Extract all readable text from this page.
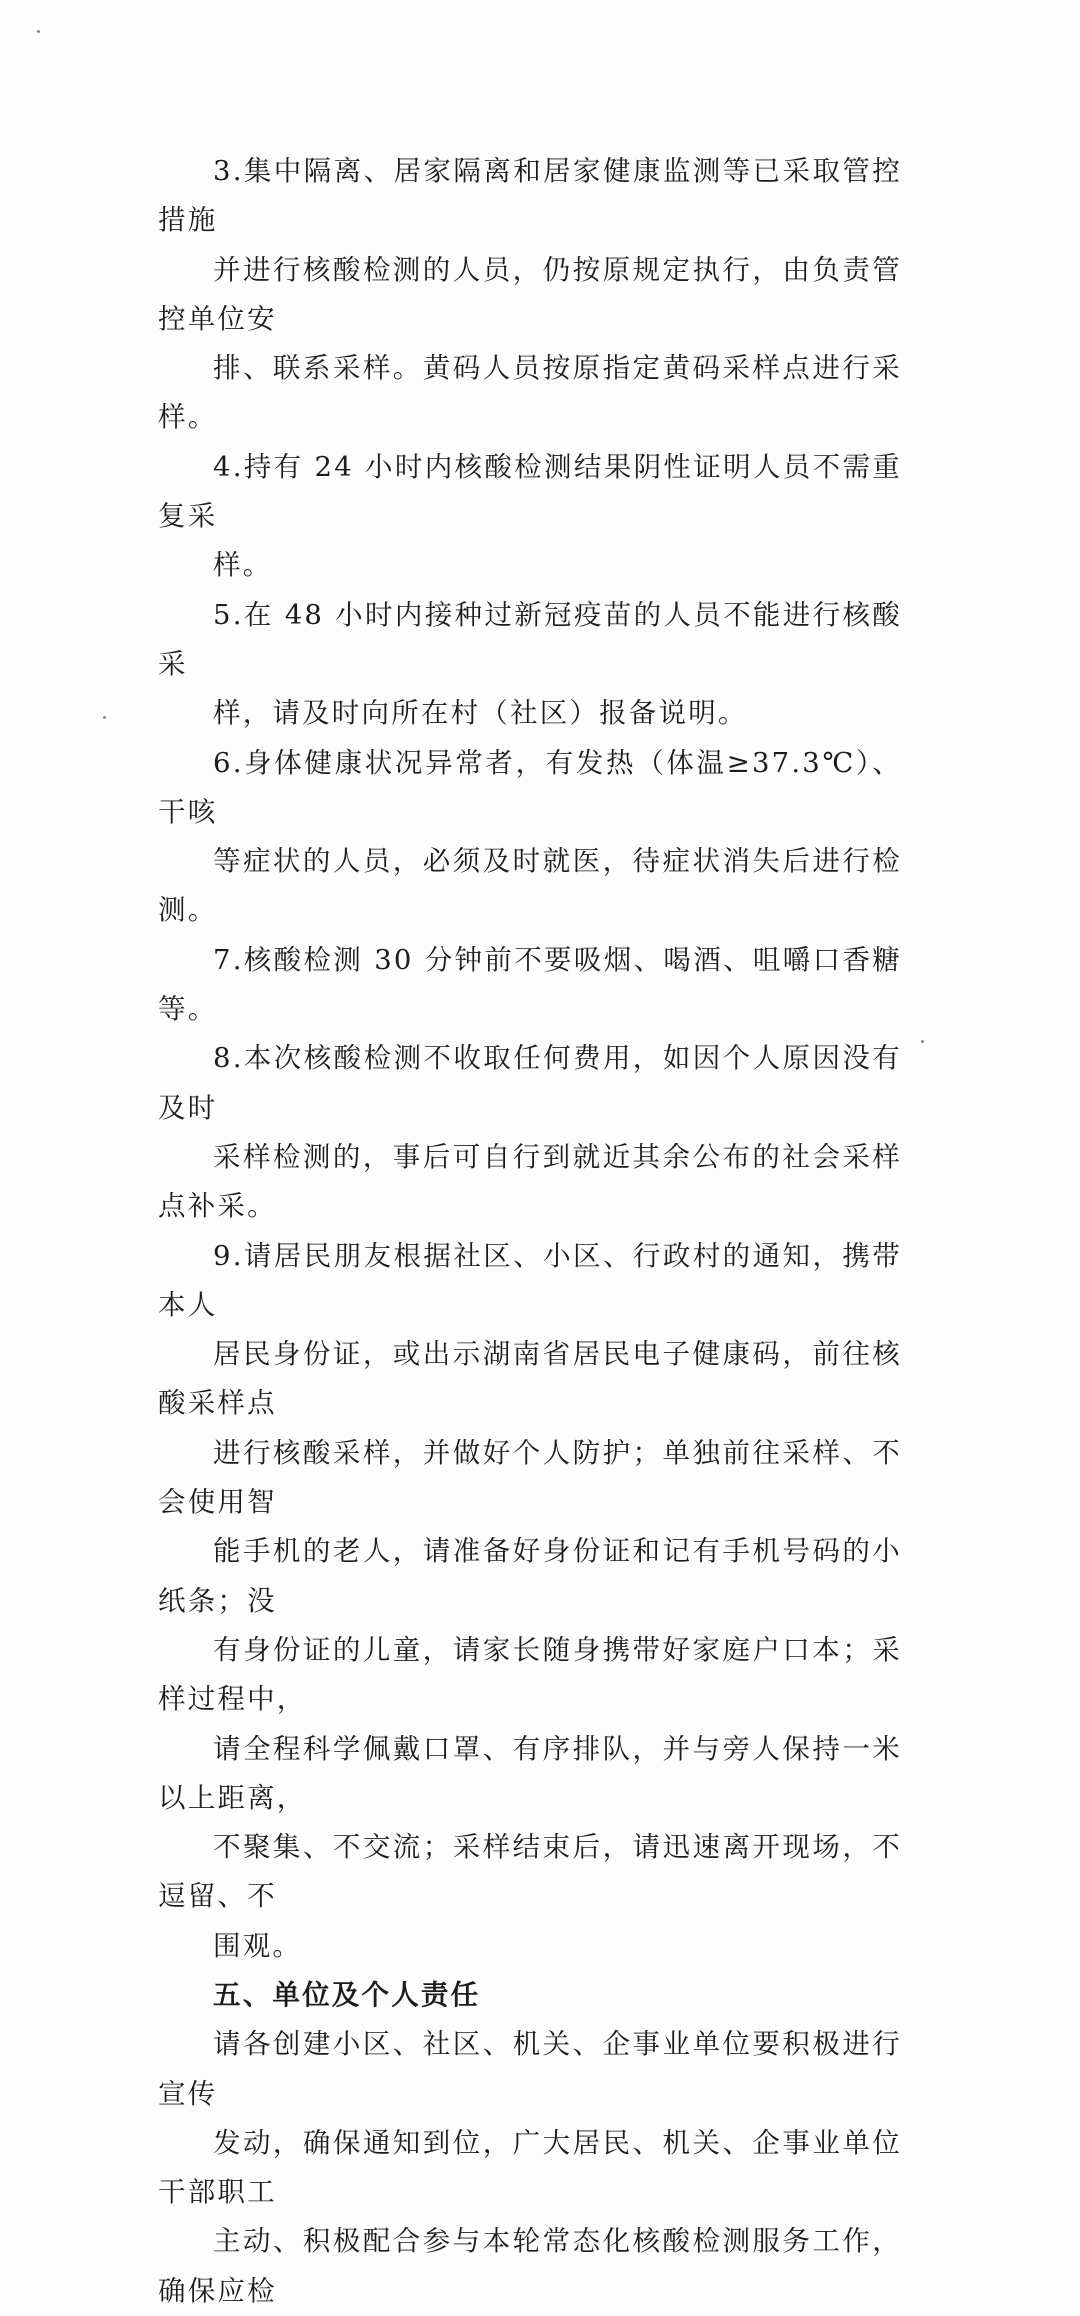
3.集中隔离、居家隔离和居家健康监测等已采取管控措施
并进行核酸检测的人员，仍按原规定执行，由负责管控单位安
排、联系采样。黄码人员按原指定黄码采样点进行采样。

4.持有 24 小时内核酸检测结果阴性证明人员不需重复采
样。

5.在 48 小时内接种过新冠疫苗的人员不能进行核酸采
样，请及时向所在村（社区）报备说明。

6.身体健康状况异常者，有发热（体温≥37.3℃）、干咳
等症状的人员，必须及时就医，待症状消失后进行检测。

7.核酸检测 30 分钟前不要吸烟、喝酒、咀嚼口香糖等。

8.本次核酸检测不收取任何费用，如因个人原因没有及时
采样检测的，事后可自行到就近其余公布的社会采样点补采。

9.请居民朋友根据社区、小区、行政村的通知，携带本人
居民身份证，或出示湖南省居民电子健康码，前往核酸采样点
进行核酸采样，并做好个人防护；单独前往采样、不会使用智
能手机的老人，请准备好身份证和记有手机号码的小纸条；没
有身份证的儿童，请家长随身携带好家庭户口本；采样过程中，
请全程科学佩戴口罩、有序排队，并与旁人保持一米以上距离，
不聚集、不交流；采样结束后，请迅速离开现场，不逗留、不
围观。

五、单位及个人责任

请各创建小区、社区、机关、企事业单位要积极进行宣传
发动，确保通知到位，广大居民、机关、企事业单位干部职工
主动、积极配合参与本轮常态化核酸检测服务工作，确保应检
